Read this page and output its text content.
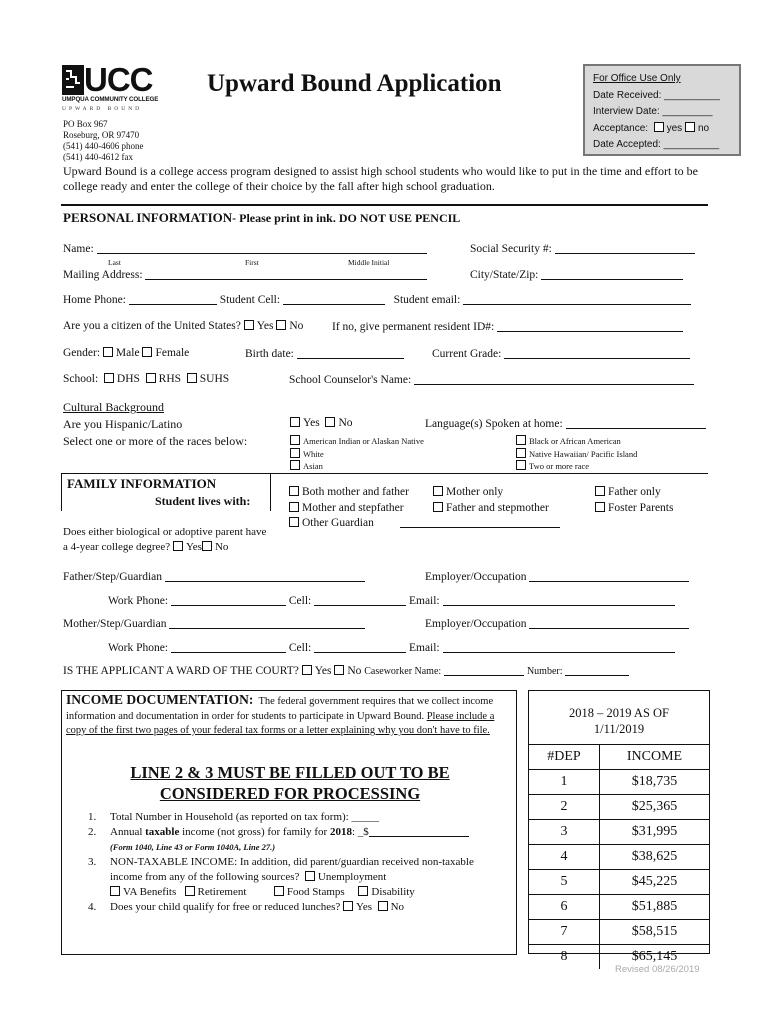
UCC
UMPQUA COMMUNITY COLLEGE
UPWARD BOUND
PO Box 967
Roseburg, OR 97470
(541) 440-4606 phone
(541) 440-4612 fax
Upward Bound Application	For Office Use Only
Date Received: __________
Interview Date: _________
Acceptance: yes no
Date Accepted: __________
Upward Bound is a college access program designed to assist high school students who would like to put in the time and effort to be college ready and enter the college of their choice by the fall after high school graduation.
PERSONAL INFORMATION- Please print in ink. DO NOT USE PENCIL
Name:
Last	First	Middle Initial
Social Security #:
Mailing Address:	City/State/Zip:
Home Phone:	Student Cell:	Student email:
Are you a citizen of the United States? Yes No If no, give permanent resident ID#:
Gender: Male Female	Birth date:	Current Grade:
School: DHS RHS SUHS	School Counselor's Name:
Cultural Background
Are you Hispanic/Latino
Select one or more of the races below:
Yes No	Language(s) Spoken at home:
American Indian or Alaskan Native
White
Asian
Black or African American
Native Hawaiian/ Pacific Island
Two or more race
FAMILY INFORMATION
Student lives with:
Both mother and father
Mother and stepfather
Other Guardian
Mother only
Father and stepmother
Father only
Foster Parents
Does either biological or adoptive parent have a 4-year college degree? Yes No
Father/Step/Guardian	Employer/Occupation
Work Phone:	Cell:	Email:
Mother/Step/Guardian	Employer/Occupation
Work Phone:	Cell:	Email:
IS THE APPLICANT A WARD OF THE COURT? Yes No Caseworker Name:	Number:
INCOME DOCUMENTATION: The federal government requires that we collect income information and documentation in order for students to participate in Upward Bound. Please include a copy of the first two pages of your federal tax forms or a letter explaining why you don't have to file.
LINE 2 & 3 MUST BE FILLED OUT TO BE
CONSIDERED FOR PROCESSING
1.	Total Number in Household (as reported on tax form): _____
2.	Annual taxable income (not gross) for family for 2018: _$
(Form 1040, Line 43 or Form 1040A, Line 27.)
3.	NON-TAXABLE INCOME: In addition, did parent/guardian received non-taxable income from any of the following sources? Unemployment
VA Benefits Retirement	Food Stamps Disability
4.	Does your child qualify for free or reduced lunches? Yes No
2018 – 2019 AS OF
1/11/2019
#DEP	INCOME
1	$18,735
2	$25,365
3	$31,995
4	$38,625
5	$45,225
6	$51,885
7	$58,515
8	$65,145
Revised 08/26/2019
